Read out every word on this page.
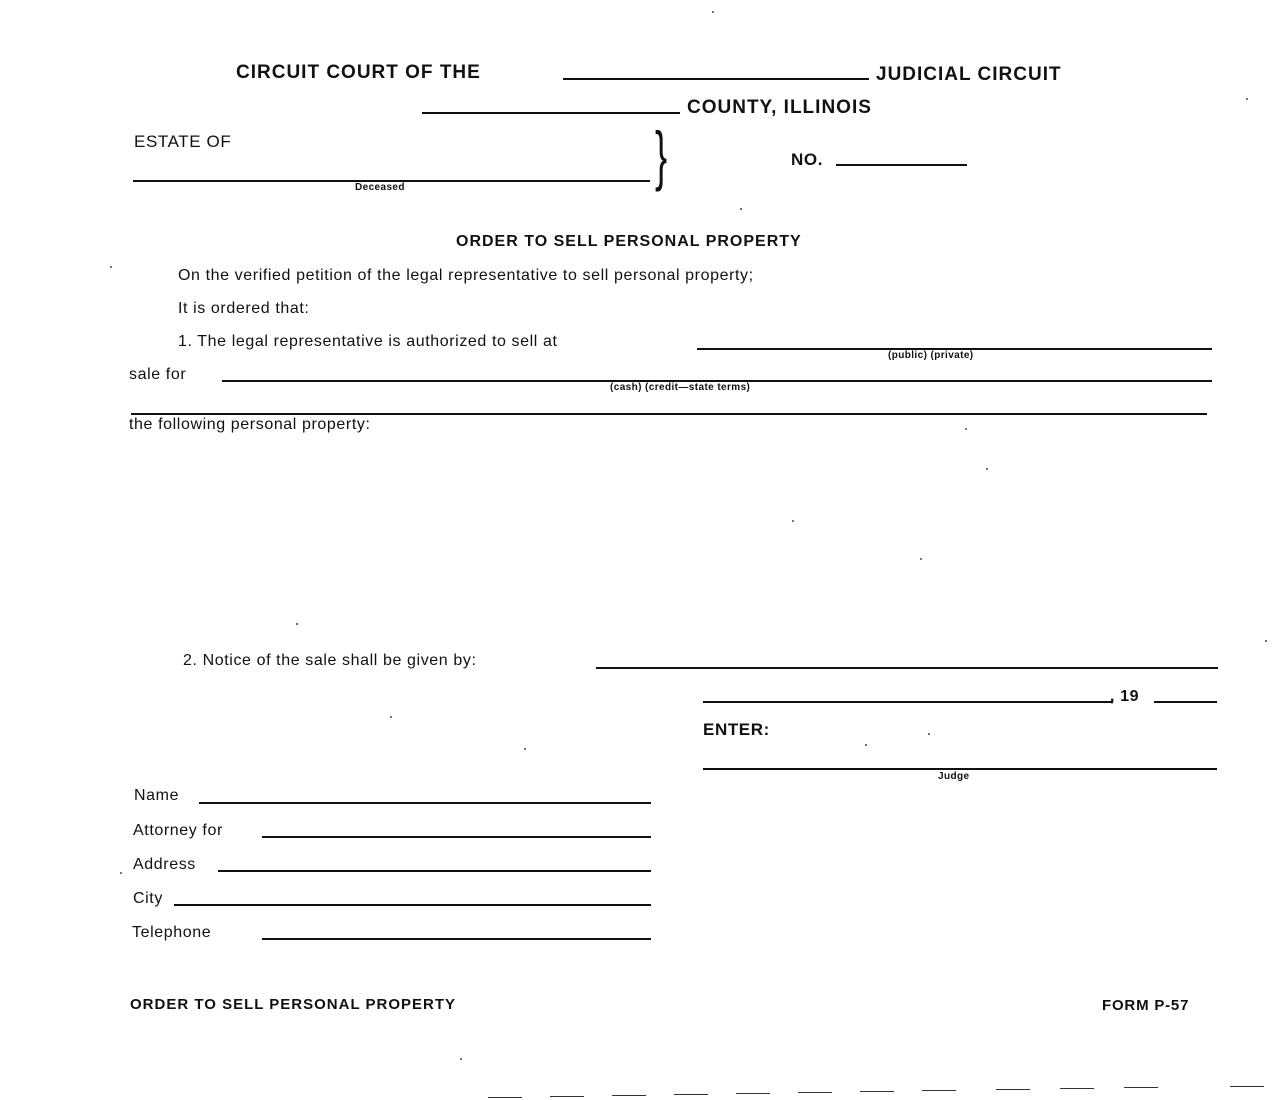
CIRCUIT COURT OF THE	JUDICIAL CIRCUIT
COUNTY, ILLINOIS
ESTATE OF
Deceased	}	NO.
ORDER TO SELL PERSONAL PROPERTY
On the verified petition of the legal representative to sell personal property;
It is ordered that:
1. The legal representative is authorized to sell at
(public) (private)
sale for
(cash) (credit—state terms)
the following personal property:
2. Notice of the sale shall be given by:
, 19
ENTER:
Judge
Name
Attorney for
Address
City
Telephone
ORDER TO SELL PERSONAL PROPERTY	FORM P-57
